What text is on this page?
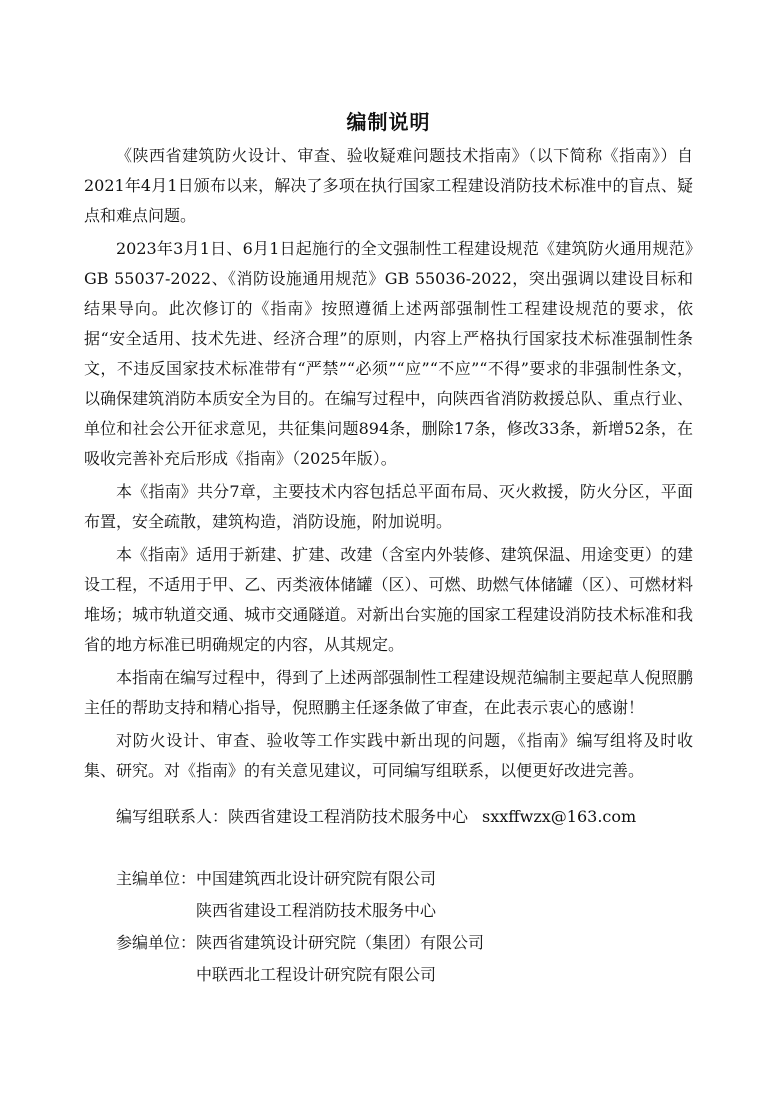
编制说明

《陕西省建筑防火设计、审查、验收疑难问题技术指南》（以下简称《指南》）自2021年4月1日颁布以来，解决了多项在执行国家工程建设消防技术标准中的盲点、疑点和难点问题。

2023年3月1日、6月1日起施行的全文强制性工程建设规范《建筑防火通用规范》GB 55037-2022、《消防设施通用规范》GB 55036-2022，突出强调以建设目标和结果导向。此次修订的《指南》按照遵循上述两部强制性工程建设规范的要求，依据“安全适用、技术先进、经济合理”的原则，内容上严格执行国家技术标准强制性条文，不违反国家技术标准带有“严禁”“必须”“应”“不应”“不得”要求的非强制性条文，以确保建筑消防本质安全为目的。在编写过程中，向陕西省消防救援总队、重点行业、单位和社会公开征求意见，共征集问题894条，删除17条，修改33条，新增52条，在吸收完善补充后形成《指南》（2025年版）。

本《指南》共分7章，主要技术内容包括总平面布局、灭火救援，防火分区，平面布置，安全疏散，建筑构造，消防设施，附加说明。

本《指南》适用于新建、扩建、改建（含室内外装修、建筑保温、用途变更）的建设工程，不适用于甲、乙、丙类液体储罐（区）、可燃、助燃气体储罐（区）、可燃材料堆场；城市轨道交通、城市交通隧道。对新出台实施的国家工程建设消防技术标准和我省的地方标准已明确规定的内容，从其规定。

本指南在编写过程中，得到了上述两部强制性工程建设规范编制主要起草人倪照鹏主任的帮助支持和精心指导，倪照鹏主任逐条做了审查，在此表示衷心的感谢！

对防火设计、审查、验收等工作实践中新出现的问题，《指南》编写组将及时收集、研究。对《指南》的有关意见建议，可同编写组联系，以便更好改进完善。

编写组联系人：陕西省建设工程消防技术服务中心 sxxffwzx@163.com
主编单位：中国建筑西北设计研究院有限公司
陕西省建设工程消防技术服务中心
参编单位：陕西省建筑设计研究院（集团）有限公司
中联西北工程设计研究院有限公司
